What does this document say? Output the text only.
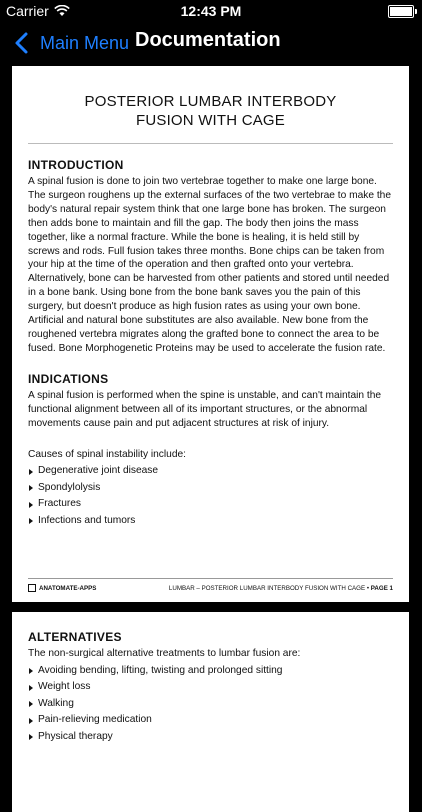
Carrier	12:43 PM
Main Menu Documentation
POSTERIOR LUMBAR INTERBODY
FUSION WITH CAGE
INTRODUCTION
A spinal fusion is done to join two vertebrae together to make one large bone. The surgeon roughens up the external surfaces of the two vertebrae to make the body's natural repair system think that one large bone has broken. The surgeon then adds bone to maintain and fill the gap. The body then joins the mass together, like a normal fracture. While the bone is healing, it is held still by screws and rods. Full fusion takes three months. Bone chips can be taken from your hip at the time of the operation and then grafted onto your vertebra. Alternatively, bone can be harvested from other patients and stored until needed in a bone bank. Using bone from the bone bank saves you the pain of this surgery, but doesn't produce as high fusion rates as using your own bone. Artificial and natural bone substitutes are also available. New bone from the roughened vertebra migrates along the grafted bone to connect the area to be fused. Bone Morphogenetic Proteins may be used to accelerate the fusion rate.
INDICATIONS
A spinal fusion is performed when the spine is unstable, and can't maintain the functional alignment between all of its important structures, or the abnormal movements cause pain and put adjacent structures at risk of injury.
Causes of spinal instability include:
Degenerative joint disease
Spondylolysis
Fractures
Infections and tumors
ANATOMATE-APPS	LUMBAR – POSTERIOR LUMBAR INTERBODY FUSION WITH CAGE • PAGE 1
ALTERNATIVES
The non-surgical alternative treatments to lumbar fusion are:
Avoiding bending, lifting, twisting and prolonged sitting
Weight loss
Walking
Pain-relieving medication
Physical therapy
